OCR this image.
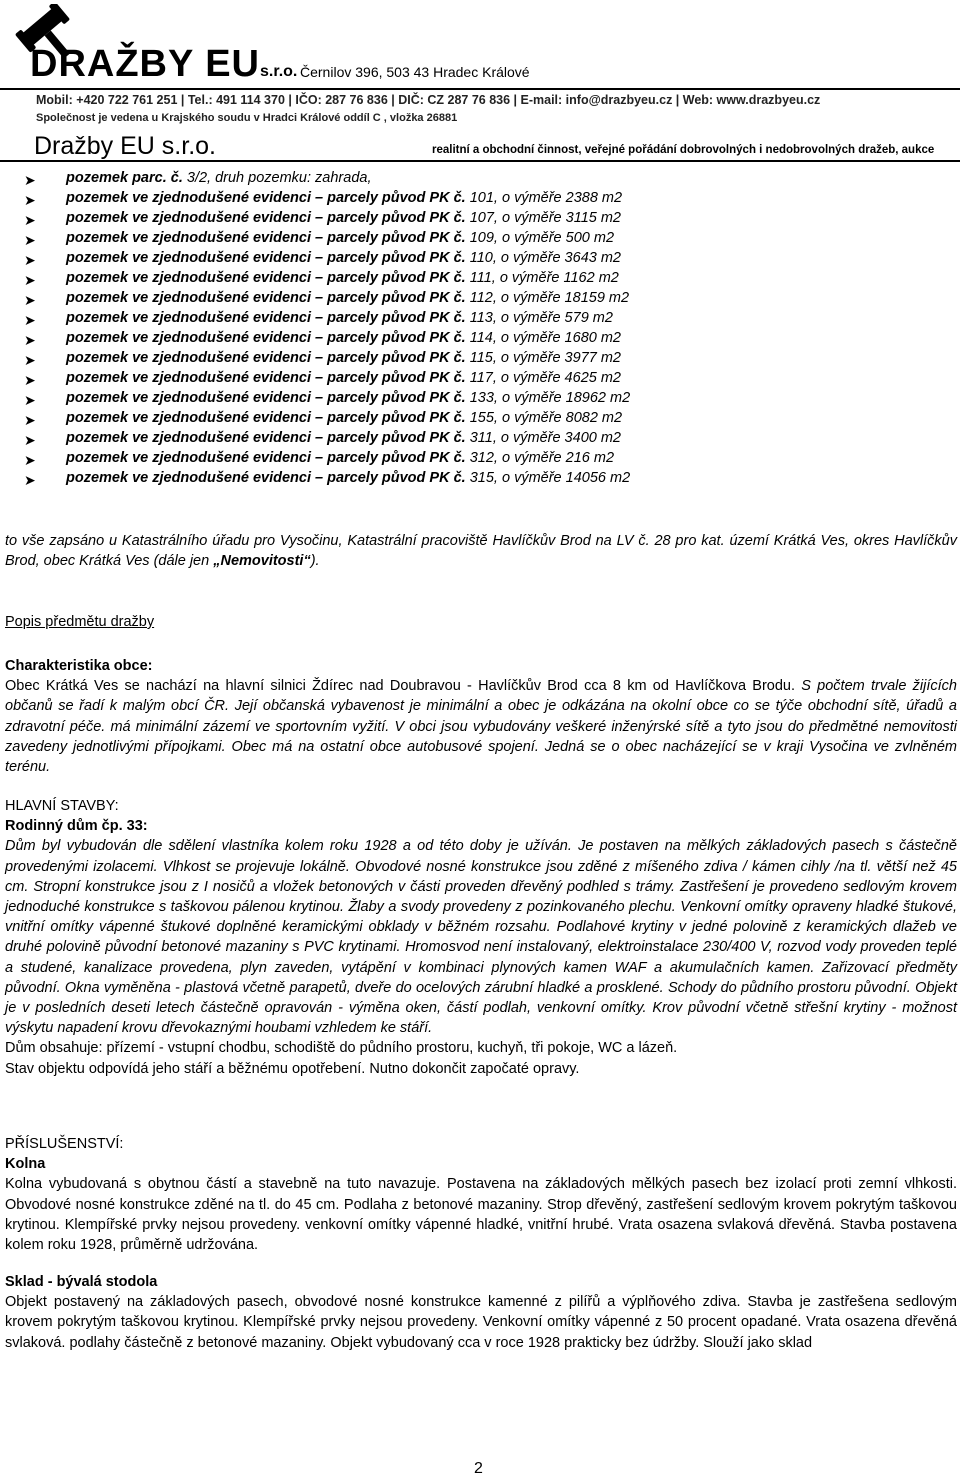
DRAŽBY EUs.r.o. Černilov 396, 503 43 Hradec Králové
Mobil: +420 722 761 251 | Tel.: 491 114 370 | IČO: 287 76 836 | DIČ: CZ 287 76 836 | E-mail: info@drazbyeu.cz | Web: www.drazbyeu.cz
Společnost je vedena u Krajského soudu v Hradci Králové oddíl C , vložka 26881
Dražby EU s.r.o.	realitní a obchodní činnost, veřejné pořádání dobrovolných i nedobrovolných dražeb, aukce
➤ pozemek parc. č. 3/2, druh pozemku: zahrada,
➤ pozemek ve zjednodušené evidenci – parcely původ PK č. 101, o výměře 2388 m2
➤ pozemek ve zjednodušené evidenci – parcely původ PK č. 107, o výměře 3115 m2
➤ pozemek ve zjednodušené evidenci – parcely původ PK č. 109, o výměře 500 m2
➤ pozemek ve zjednodušené evidenci – parcely původ PK č. 110, o výměře 3643 m2
➤ pozemek ve zjednodušené evidenci – parcely původ PK č. 111, o výměře 1162 m2
➤ pozemek ve zjednodušené evidenci – parcely původ PK č. 112, o výměře 18159 m2
➤ pozemek ve zjednodušené evidenci – parcely původ PK č. 113, o výměře 579 m2
➤ pozemek ve zjednodušené evidenci – parcely původ PK č. 114, o výměře 1680 m2
➤ pozemek ve zjednodušené evidenci – parcely původ PK č. 115, o výměře 3977 m2
➤ pozemek ve zjednodušené evidenci – parcely původ PK č. 117, o výměře 4625 m2
➤ pozemek ve zjednodušené evidenci – parcely původ PK č. 133, o výměře 18962 m2
➤ pozemek ve zjednodušené evidenci – parcely původ PK č. 155, o výměře 8082 m2
➤ pozemek ve zjednodušené evidenci – parcely původ PK č. 311, o výměře 3400 m2
➤ pozemek ve zjednodušené evidenci – parcely původ PK č. 312, o výměře 216 m2
➤ pozemek ve zjednodušené evidenci – parcely původ PK č. 315, o výměře 14056 m2

to vše zapsáno u Katastrálního úřadu pro Vysočinu, Katastrální pracoviště Havlíčkův Brod na LV č. 28 pro kat. území Krátká Ves, okres Havlíčkův Brod, obec Krátká Ves (dále jen „Nemovitosti“).

Popis předmětu dražby

Charakteristika obce:

Obec Krátká Ves se nachází na hlavní silnici Ždírec nad Doubravou - Havlíčkův Brod cca 8 km od Havlíčkova Brodu. S počtem trvale žijících občanů se řadí k malým obcí ČR. Její občanská vybavenost je minimální a obec je odkázána na okolní obce co se týče obchodní sítě, úřadů a zdravotní péče. má minimální zázemí ve sportovním vyžití. V obci jsou vybudovány veškeré inženýrské sítě a tyto jsou do předmětné nemovitosti zavedeny jednotlivými přípojkami. Obec má na ostatní obce autobusové spojení. Jedná se o obec nacházející se v kraji Vysočina ve zvlněném terénu.

HLAVNÍ STAVBY:

Rodinný dům čp. 33:

Dům byl vybudován dle sdělení vlastníka kolem roku 1928 a od této doby je užíván. Je postaven na mělkých základových pasech s částečně provedenými izolacemi. Vlhkost se projevuje lokálně. Obvodové nosné konstrukce jsou zděné z míšeného zdiva / kámen cihly /na tl. větší než 45 cm. Stropní konstrukce jsou z I nosičů a vložek betonových v části proveden dřevěný podhled s trámy. Zastřešení je provedeno sedlovým krovem jednoduché konstrukce s taškovou pálenou krytinou. Žlaby a svody provedeny z pozinkovaného plechu. Venkovní omítky opraveny hladké štukové, vnitřní omítky vápenné štukové doplněné keramickými obklady v běžném rozsahu. Podlahové krytiny v jedné polovině z keramických dlažeb ve druhé polovině původní betonové mazaniny s PVC krytinami. Hromosvod není instalovaný, elektroinstalace 230/400 V, rozvod vody proveden teplé a studené, kanalizace provedena, plyn zaveden, vytápění v kombinaci plynových kamen WAF a akumulačních kamen. Zařizovací předměty původní. Okna vyměněna - plastová včetně parapetů, dveře do ocelových zárubní hladké a prosklené. Schody do půdního prostoru původní. Objekt je v posledních deseti letech částečně opravován - výměna oken, částí podlah, venkovní omítky. Krov původní včetně střešní krytiny - možnost výskytu napadení krovu dřevokaznými houbami vzhledem ke stáří.

Dům obsahuje: přízemí - vstupní chodbu, schodiště do půdního prostoru, kuchyň, tři pokoje, WC a lázeň.

Stav objektu odpovídá jeho stáří a běžnému opotřebení. Nutno dokončit započaté opravy.

PŘÍSLUŠENSTVÍ:

Kolna

Kolna vybudovaná s obytnou částí a stavebně na tuto navazuje. Postavena na základových mělkých pasech bez izolací proti zemní vlhkosti. Obvodové nosné konstrukce zděné na tl. do 45 cm. Podlaha z betonové mazaniny. Strop dřevěný, zastřešení sedlovým krovem pokrytým taškovou krytinou. Klempířské prvky nejsou provedeny. venkovní omítky vápenné hladké, vnitřní hrubé. Vrata osazena svlaková dřevěná. Stavba postavena kolem roku 1928, průměrně udržována.

Sklad - bývalá stodola

Objekt postavený na základových pasech, obvodové nosné konstrukce kamenné z pilířů a výplňového zdiva. Stavba je zastřešena sedlovým krovem pokrytým taškovou krytinou. Klempířské prvky nejsou provedeny. Venkovní omítky vápenné z 50 procent opadané. Vrata osazena dřevěná svlaková. podlahy částečně z betonové mazaniny. Objekt vybudovaný cca v roce 1928 prakticky bez údržby. Slouží jako sklad

2
